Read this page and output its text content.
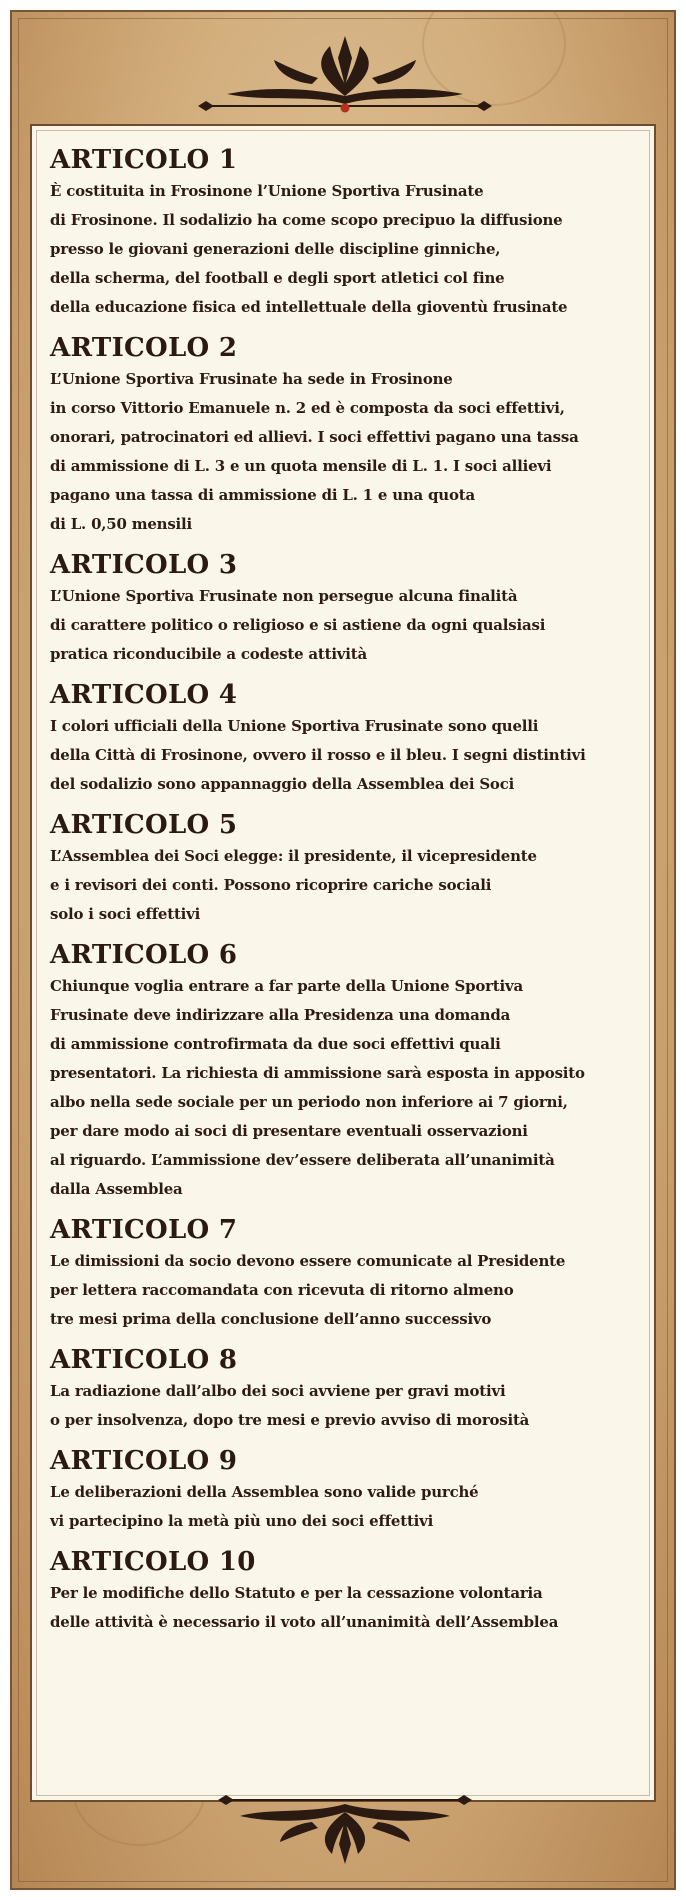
ARTICOLO 1
È costituita in Frosinone l’Unione Sportiva Frusinate
di Frosinone. Il sodalizio ha come scopo precipuo la diffusione
presso le giovani generazioni delle discipline ginniche,
della scherma, del football e degli sport atletici col fine
della educazione fisica ed intellettuale della gioventù frusinate
ARTICOLO 2
L’Unione Sportiva Frusinate ha sede in Frosinone
in corso Vittorio Emanuele n. 2 ed è composta da soci effettivi,
onorari, patrocinatori ed allievi. I soci effettivi pagano una tassa
di ammissione di L. 3 e un quota mensile di L. 1. I soci allievi
pagano una tassa di ammissione di L. 1 e una quota
di L. 0,50 mensili
ARTICOLO 3
L’Unione Sportiva Frusinate non persegue alcuna finalità
di carattere politico o religioso e si astiene da ogni qualsiasi
pratica riconducibile a codeste attività
ARTICOLO 4
I colori ufficiali della Unione Sportiva Frusinate sono quelli
della Città di Frosinone, ovvero il rosso e il bleu. I segni distintivi
del sodalizio sono appannaggio della Assemblea dei Soci
ARTICOLO 5
L’Assemblea dei Soci elegge: il presidente, il vicepresidente
e i revisori dei conti. Possono ricoprire cariche sociali
solo i soci effettivi
ARTICOLO 6
Chiunque voglia entrare a far parte della Unione Sportiva
Frusinate deve indirizzare alla Presidenza una domanda
di ammissione controfirmata da due soci effettivi quali
presentatori. La richiesta di ammissione sarà esposta in apposito
albo nella sede sociale per un periodo non inferiore ai 7 giorni,
per dare modo ai soci di presentare eventuali osservazioni
al riguardo. L’ammissione dev’essere deliberata all’unanimità
dalla Assemblea
ARTICOLO 7
Le dimissioni da socio devono essere comunicate al Presidente
per lettera raccomandata con ricevuta di ritorno almeno
tre mesi prima della conclusione dell’anno successivo
ARTICOLO 8
La radiazione dall’albo dei soci avviene per gravi motivi
o per insolvenza, dopo tre mesi e previo avviso di morosità
ARTICOLO 9
Le deliberazioni della Assemblea sono valide purché
vi partecipino la metà più uno dei soci effettivi
ARTICOLO 10
Per le modifiche dello Statuto e per la cessazione volontaria
delle attività è necessario il voto all’unanimità dell’Assemblea
